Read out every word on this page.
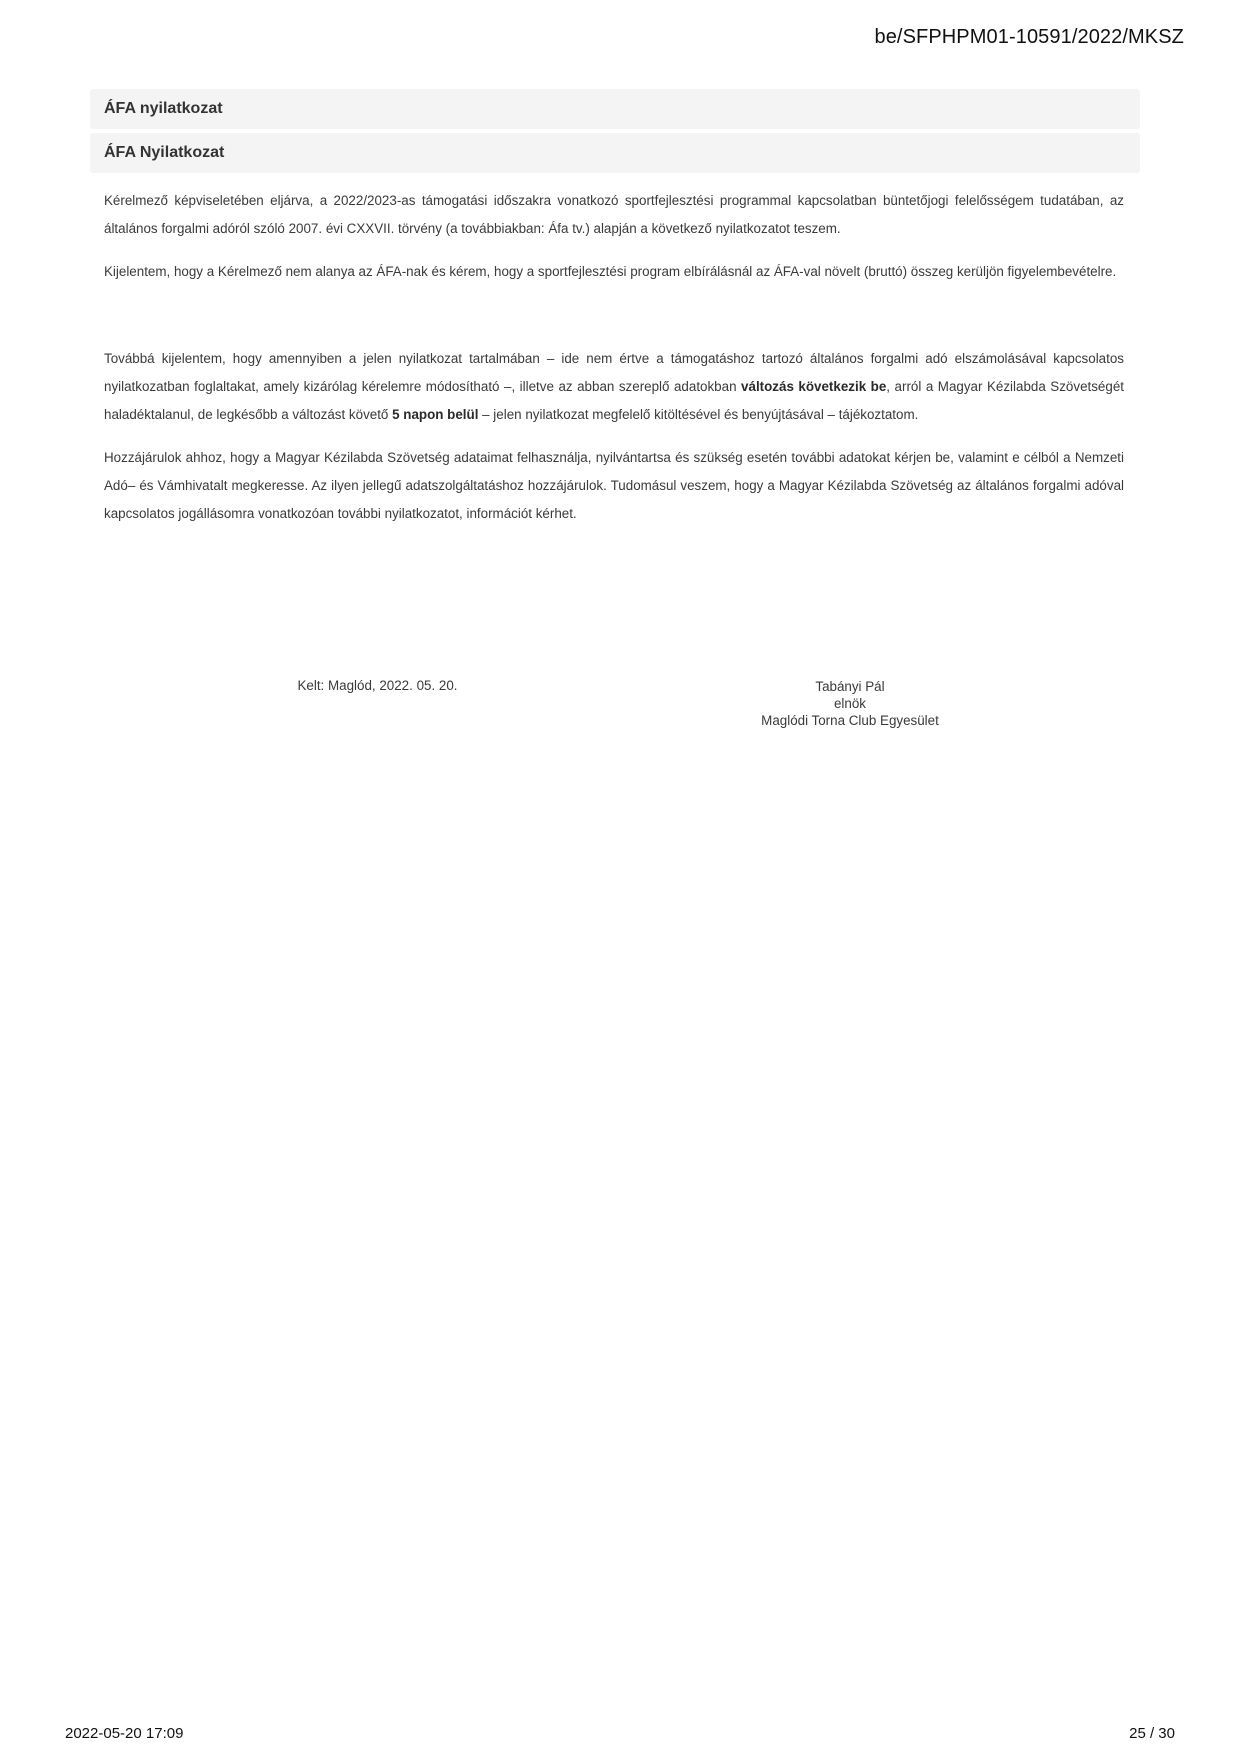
be/SFPHPM01-10591/2022/MKSZ
ÁFA nyilatkozat
ÁFA Nyilatkozat

Kérelmező képviseletében eljárva, a 2022/2023-as támogatási időszakra vonatkozó sportfejlesztési programmal kapcsolatban büntetőjogi felelősségem tudatában, az általános forgalmi adóról szóló 2007. évi CXXVII. törvény (a továbbiakban: Áfa tv.) alapján a következő nyilatkozatot teszem.

Kijelentem, hogy a Kérelmező nem alanya az ÁFA-nak és kérem, hogy a sportfejlesztési program elbírálásnál az ÁFA-val növelt (bruttó) összeg kerüljön figyelembevételre.

Továbbá kijelentem, hogy amennyiben a jelen nyilatkozat tartalmában – ide nem értve a támogatáshoz tartozó általános forgalmi adó elszámolásával kapcsolatos nyilatkozatban foglaltakat, amely kizárólag kérelemre módosítható –, illetve az abban szereplő adatokban változás következik be, arról a Magyar Kézilabda Szövetségét haladéktalanul, de legkésőbb a változást követő 5 napon belül – jelen nyilatkozat megfelelő kitöltésével és benyújtásával – tájékoztatom.

Hozzájárulok ahhoz, hogy a Magyar Kézilabda Szövetség adataimat felhasználja, nyilvántartsa és szükség esetén további adatokat kérjen be, valamint e célból a Nemzeti Adó– és Vámhivatalt megkeresse. Az ilyen jellegű adatszolgáltatáshoz hozzájárulok. Tudomásul veszem, hogy a Magyar Kézilabda Szövetség az általános forgalmi adóval kapcsolatos jogállásomra vonatkozóan további nyilatkozatot, információt kérhet.

Kelt: Maglód, 2022. 05. 20.	Tabányi Pál
elnök
Maglódi Torna Club Egyesület
2022-05-20 17:09	25 / 30
